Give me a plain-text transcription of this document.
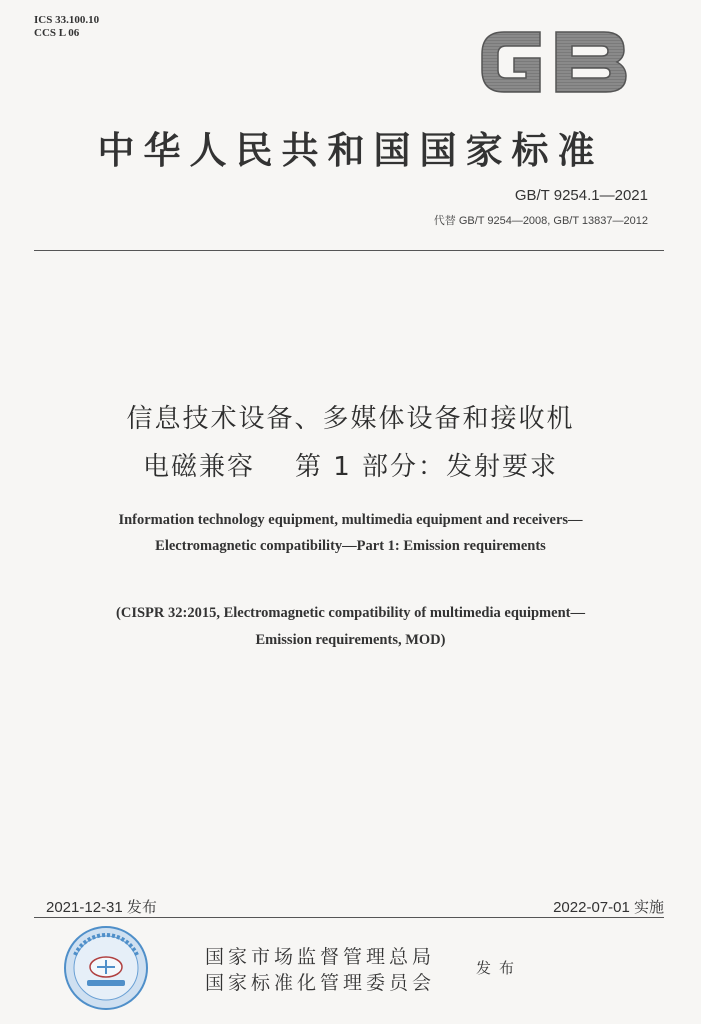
ICS 33.100.10
CCS L 06
GB
中华人民共和国国家标准
GB/T 9254.1—2021
代替 GB/T 9254—2008, GB/T 13837—2012
信息技术设备、多媒体设备和接收机
电磁兼容 第 1 部分：发射要求
Information technology equipment, multimedia equipment and receivers—
Electromagnetic compatibility—Part 1: Emission requirements
(CISPR 32:2015, Electromagnetic compatibility of multimedia equipment—
Emission requirements, MOD)
2021-12-31 发布	2022-07-01 实施
国家市场监督管理总局
国家标准化管理委员会
发布
